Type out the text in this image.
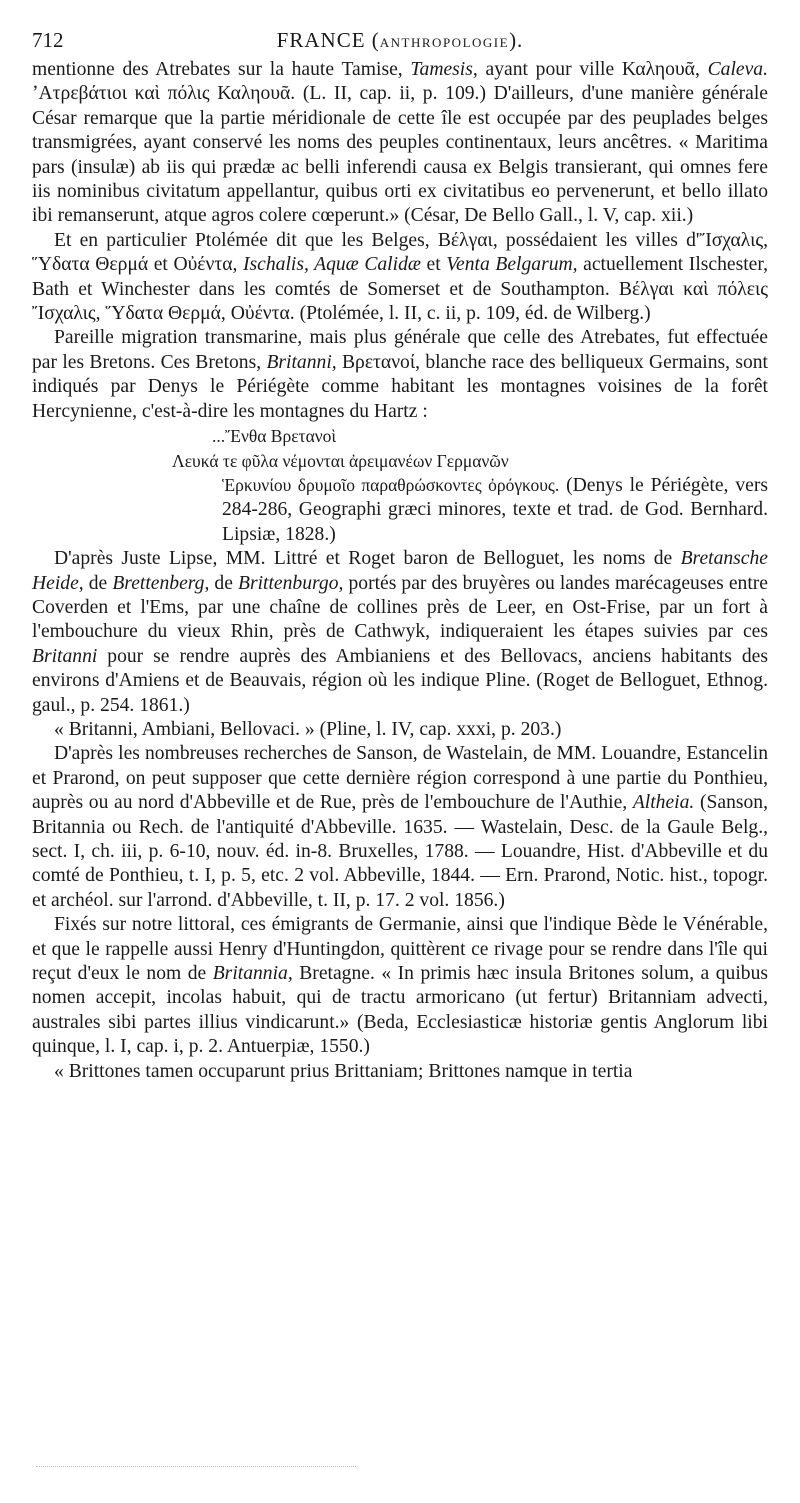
712	FRANCE (ANTHROPOLOGIE).

mentionne des Atrebates sur la haute Tamise, Tamesis, ayant pour ville Καληουᾶ, Caleva. ʼΑτρεβάτιοι καὶ πόλις Καληουᾶ. (L. II, cap. ii, p. 109.) D'ailleurs, d'une manière générale César remarque que la partie méridionale de cette île est occupée par des peuplades belges transmigrées, ayant conservé les noms des peuples continentaux, leurs ancêtres. « Maritima pars (insulæ) ab iis qui prædæ ac belli inferendi causa ex Belgis transierant, qui omnes fere iis nominibus civitatum appellantur, quibus orti ex civitatibus eo pervenerunt, et bello illato ibi remanserunt, atque agros colere cœperunt.» (César, De Bello Gall., l. V, cap. xii.)

Et en particulier Ptolémée dit que les Belges, Βέλγαι, possédaient les villes d'Ἴσχαλις, Ὕδατα Θερμά et Οὐέντα, Ischalis, Aquæ Calidæ et Venta Belgarum, actuellement Ilschester, Bath et Winchester dans les comtés de Somerset et de Southampton. Βέλγαι καὶ πόλεις Ἴσχαλις, Ὕδατα Θερμά, Οὐέντα. (Ptolémée, l. II, c. ii, p. 109, éd. de Wilberg.)

Pareille migration transmarine, mais plus générale que celle des Atrebates, fut effectuée par les Bretons. Ces Bretons, Britanni, Βρετανοί, blanche race des belliqueux Germains, sont indiqués par Denys le Périégète comme habitant les montagnes voisines de la forêt Hercynienne, c'est-à-dire les montagnes du Hartz :

...Ἔνθα Βρετανοὶ

Λευκά τε φῦλα νέμονται ἀρειμανέων Γερμανῶν

Ἑρκυνίου δρυμοῖο παραθρώσκοντες ὀρόγκους. (Denys le Périégète, vers 284-286, Geographi græci minores, texte et trad. de God. Bernhard. Lipsiæ, 1828.)

D'après Juste Lipse, MM. Littré et Roget baron de Belloguet, les noms de Bretansche Heide, de Brettenberg, de Brittenburgo, portés par des bruyères ou landes marécageuses entre Coverden et l'Ems, par une chaîne de collines près de Leer, en Ost-Frise, par un fort à l'embouchure du vieux Rhin, près de Cathwyk, indiqueraient les étapes suivies par ces Britanni pour se rendre auprès des Ambianiens et des Bellovacs, anciens habitants des environs d'Amiens et de Beauvais, région où les indique Pline. (Roget de Belloguet, Ethnog. gaul., p. 254. 1861.)

« Britanni, Ambiani, Bellovaci. » (Pline, l. IV, cap. xxxi, p. 203.)

D'après les nombreuses recherches de Sanson, de Wastelain, de MM. Louandre, Estancelin et Prarond, on peut supposer que cette dernière région correspond à une partie du Ponthieu, auprès ou au nord d'Abbeville et de Rue, près de l'embouchure de l'Authie, Altheia. (Sanson, Britannia ou Rech. de l'antiquité d'Abbeville. 1635. — Wastelain, Desc. de la Gaule Belg., sect. I, ch. iii, p. 6-10, nouv. éd. in-8. Bruxelles, 1788. — Louandre, Hist. d'Abbeville et du comté de Ponthieu, t. I, p. 5, etc. 2 vol. Abbeville, 1844. — Ern. Prarond, Notic. hist., topogr. et archéol. sur l'arrond. d'Abbeville, t. II, p. 17. 2 vol. 1856.)

Fixés sur notre littoral, ces émigrants de Germanie, ainsi que l'indique Bède le Vénérable, et que le rappelle aussi Henry d'Huntingdon, quittèrent ce rivage pour se rendre dans l'île qui reçut d'eux le nom de Britannia, Bretagne. « In primis hæc insula Britones solum, a quibus nomen accepit, incolas habuit, qui de tractu armoricano (ut fertur) Britanniam advecti, australes sibi partes illius vindicarunt.» (Beda, Ecclesiasticæ historiæ gentis Anglorum libi quinque, l. I, cap. i, p. 2. Antuerpiæ, 1550.)

« Brittones tamen occuparunt prius Brittaniam; Brittones namque in tertia
